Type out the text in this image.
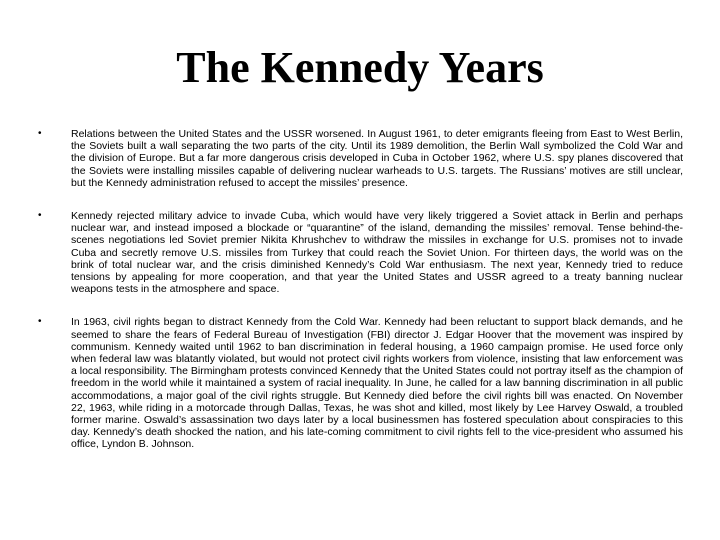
The Kennedy Years
•	Relations between the United States and the USSR worsened. In August 1961, to deter emigrants fleeing from East to West Berlin, the Soviets built a wall separating the two parts of the city. Until its 1989 demolition, the Berlin Wall symbolized the Cold War and the division of Europe. But a far more dangerous crisis developed in Cuba in October 1962, where U.S. spy planes discovered that the Soviets were installing missiles capable of delivering nuclear warheads to U.S. targets. The Russians’ motives are still unclear, but the Kennedy administration refused to accept the missiles’ presence.
•	Kennedy rejected military advice to invade Cuba, which would have very likely triggered a Soviet attack in Berlin and perhaps nuclear war, and instead imposed a blockade or “quarantine” of the island, demanding the missiles’ removal. Tense behind-the-scenes negotiations led Soviet premier Nikita Khrushchev to withdraw the missiles in exchange for U.S. promises not to invade Cuba and secretly remove U.S. missiles from Turkey that could reach the Soviet Union. For thirteen days, the world was on the brink of total nuclear war, and the crisis diminished Kennedy’s Cold War enthusiasm. The next year, Kennedy tried to reduce tensions by appealing for more cooperation, and that year the United States and USSR agreed to a treaty banning nuclear weapons tests in the atmosphere and space.
•	In 1963, civil rights began to distract Kennedy from the Cold War. Kennedy had been reluctant to support black demands, and he seemed to share the fears of Federal Bureau of Investigation (FBI) director J. Edgar Hoover that the movement was inspired by communism. Kennedy waited until 1962 to ban discrimination in federal housing, a 1960 campaign promise. He used force only when federal law was blatantly violated, but would not protect civil rights workers from violence, insisting that law enforcement was a local responsibility. The Birmingham protests convinced Kennedy that the United States could not portray itself as the champion of freedom in the world while it maintained a system of racial inequality. In June, he called for a law banning discrimination in all public accommodations, a major goal of the civil rights struggle. But Kennedy died before the civil rights bill was enacted. On November 22, 1963, while riding in a motorcade through Dallas, Texas, he was shot and killed, most likely by Lee Harvey Oswald, a troubled former marine. Oswald’s assassination two days later by a local businessmen has fostered speculation about conspiracies to this day. Kennedy’s death shocked the nation, and his late-coming commitment to civil rights fell to the vice-president who assumed his office, Lyndon B. Johnson.
